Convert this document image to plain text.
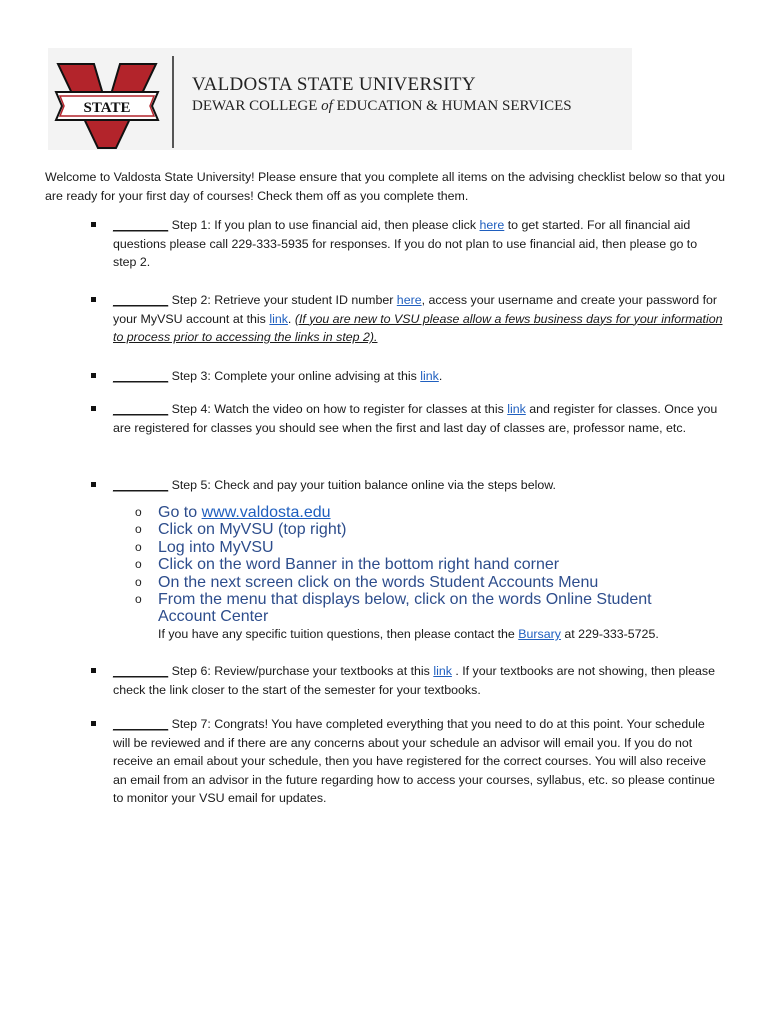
STATE
VALDOSTA STATE UNIVERSITY
DEWAR COLLEGE of EDUCATION & HUMAN SERVICES
Welcome to Valdosta State University! Please ensure that you complete all items on the advising checklist below so that you are ready for your first day of courses! Check them off as you complete them.
________ Step 1: If you plan to use financial aid, then please click here to get started. For all financial aid questions please call 229-333-5935 for responses. If you do not plan to use financial aid, then please go to step 2.
________ Step 2: Retrieve your student ID number here, access your username and create your password for your MyVSU account at this link. (If you are new to VSU please allow a fews business days for your information to process prior to accessing the links in step 2).
________ Step 3: Complete your online advising at this link.
________ Step 4: Watch the video on how to register for classes at this link and register for classes. Once you are registered for classes you should see when the first and last day of classes are, professor name, etc.
________ Step 5: Check and pay your tuition balance online via the steps below.
o Go to www.valdosta.edu
o Click on MyVSU (top right)
o Log into MyVSU
o Click on the word Banner in the bottom right hand corner
o On the next screen click on the words Student Accounts Menu
o From the menu that displays below, click on the words Online Student Account Center
If you have any specific tuition questions, then please contact the Bursary at 229-333-5725.
________ Step 6: Review/purchase your textbooks at this link . If your textbooks are not showing, then please check the link closer to the start of the semester for your textbooks.
________ Step 7: Congrats! You have completed everything that you need to do at this point. Your schedule will be reviewed and if there are any concerns about your schedule an advisor will email you. If you do not receive an email about your schedule, then you have registered for the correct courses. You will also receive an email from an advisor in the future regarding how to access your courses, syllabus, etc. so please continue to monitor your VSU email for updates.
